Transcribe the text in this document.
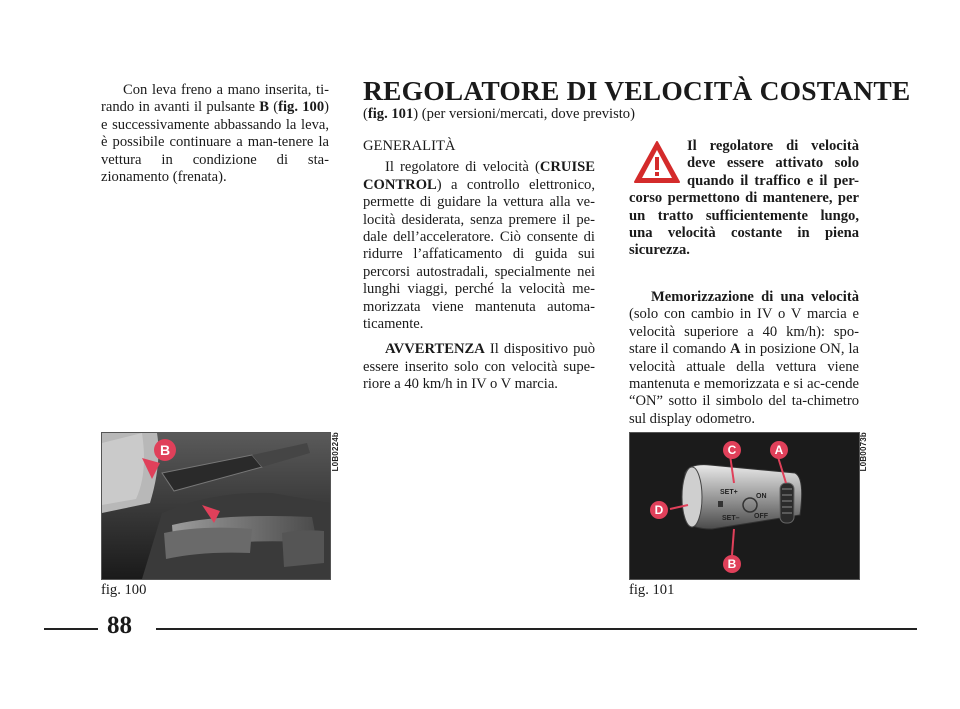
Con leva freno a mano inserita, ti-rando in avanti il pulsante B (fig. 100) e successivamente abbassando la leva, è possibile continuare a man-tenere la vettura in condizione di sta-zionamento (frenata).

REGOLATORE DI VELOCITÀ COSTANTE
(fig. 101) (per versioni/mercati, dove previsto)

GENERALITÀ

Il regolatore di velocità (CRUISE CONTROL) a controllo elettronico, permette di guidare la vettura alla ve-locità desiderata, senza premere il pe-dale dell’acceleratore. Ciò consente di ridurre l’affaticamento di guida sui percorsi autostradali, specialmente nei lunghi viaggi, perché la velocità me-morizzata viene mantenuta automa-ticamente.

AVVERTENZA Il dispositivo può essere inserito solo con velocità supe-riore a 40 km/h in IV o V marcia.

Il regolatore di velocità deve essere attivato solo quando il traffico e il per-corso permettono di mantenere, per un tratto sufficientemente lungo, una velocità costante in piena sicurezza.

Memorizzazione di una velocità (solo con cambio in IV o V marcia e velocità superiore a 40 km/h): spo-stare il comando A in posizione ON, la velocità attuale della vettura viene mantenuta e memorizzata e si ac-cende “ON” sotto il simbolo del ta-chimetro sul display odometro.

B	L0B0224b
fig. 100
SET+
SET–
ON
OFF
C	A
D
B
L0B0073b
fig. 101
88
